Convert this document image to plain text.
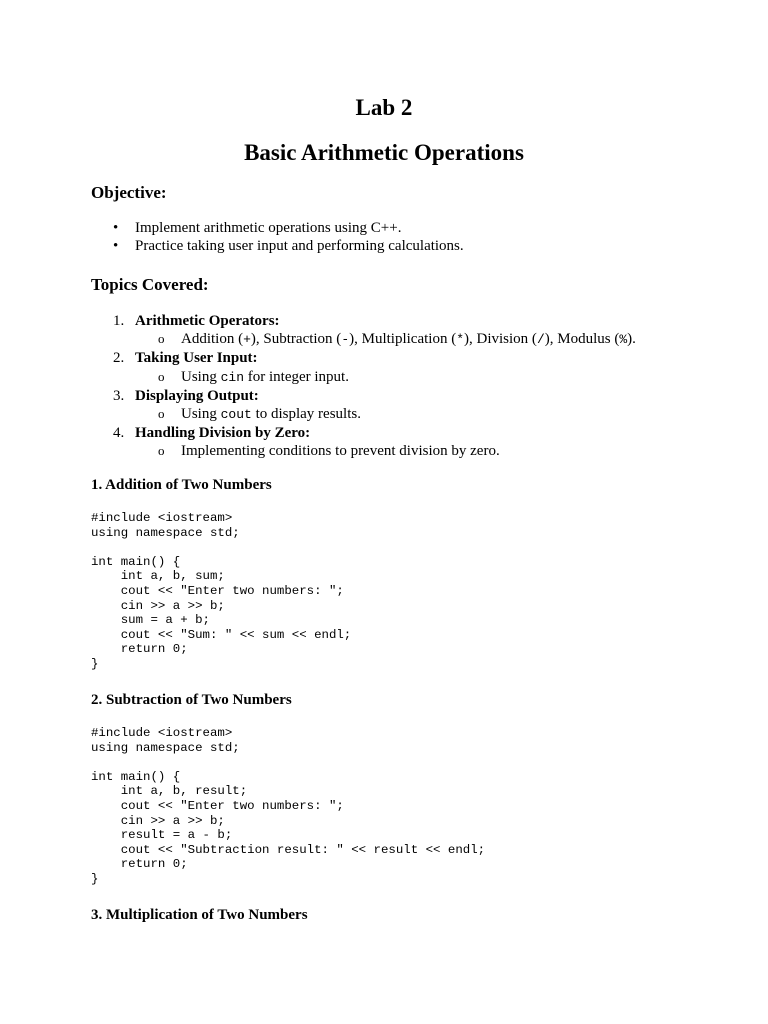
Lab 2
Basic Arithmetic Operations
Objective:
• Implement arithmetic operations using C++.
• Practice taking user input and performing calculations.
Topics Covered:
1. Arithmetic Operators:
o Addition (+), Subtraction (-), Multiplication (*), Division (/), Modulus (%).
2. Taking User Input:
o Using cin for integer input.
3. Displaying Output:
o Using cout to display results.
4. Handling Division by Zero:
o Implementing conditions to prevent division by zero.
1. Addition of Two Numbers
#include <iostream>
using namespace std;

int main() {
int a, b, sum;
cout << "Enter two numbers: ";
cin >> a >> b;
sum = a + b;
cout << "Sum: " << sum << endl;
return 0;
}
2. Subtraction of Two Numbers
#include <iostream>
using namespace std;

int main() {
int a, b, result;
cout << "Enter two numbers: ";
cin >> a >> b;
result = a - b;
cout << "Subtraction result: " << result << endl;
return 0;
}
3. Multiplication of Two Numbers
